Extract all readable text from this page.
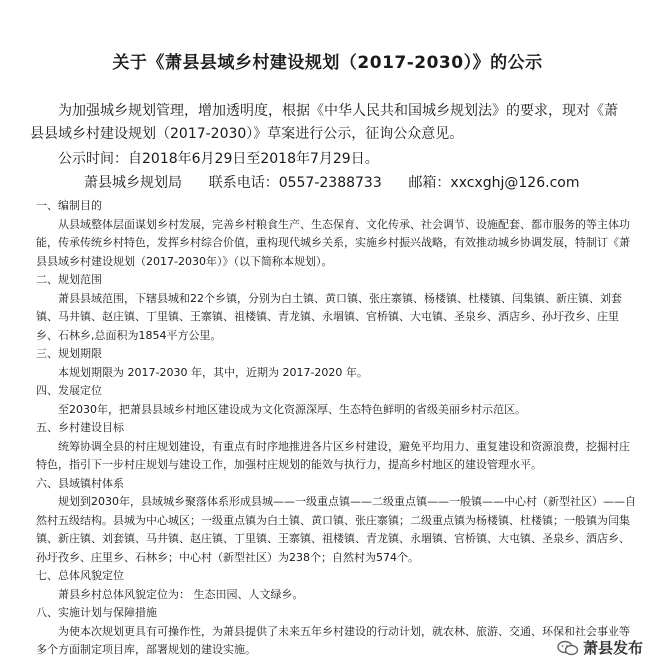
关于《萧县县域乡村建设规划（2017-2030）》的公示
为加强城乡规划管理，增加透明度，根据《中华人民共和国城乡规划法》的要求，现对《萧县县域乡村建设规划（2017-2030）》草案进行公示，征询公众意见。
公示时间：自2018年6月29日至2018年7月29日。
萧县城乡规划局 联系电话：0557-2388733 邮箱：xxcxghj@126.com

一、编制目的

从县域整体层面谋划乡村发展，完善乡村粮食生产、生态保育、文化传承、社会调节、设施配套、都市服务的等主体功能，传承传统乡村特色，发挥乡村综合价值，重构现代城乡关系，实施乡村振兴战略，有效推动城乡协调发展，特制订《萧县县域乡村建设规划（2017-2030年）》（以下简称本规划）。

二、规划范围

萧县县域范围，下辖县城和22个乡镇，分别为白土镇、黄口镇、张庄寨镇、杨楼镇、杜楼镇、闫集镇、新庄镇、刘套镇、马井镇、赵庄镇、丁里镇、王寨镇、祖楼镇、青龙镇、永堌镇、官桥镇、大屯镇、圣泉乡、酒店乡、孙圩孜乡、庄里乡、石林乡,总面积为1854平方公里。

三、规划期限

本规划期限为 2017-2030 年，其中，近期为 2017-2020 年。

四、发展定位

至2030年，把萧县县域乡村地区建设成为文化资源深厚、生态特色鲜明的省级美丽乡村示范区。

五、乡村建设目标

统筹协调全县的村庄规划建设，有重点有时序地推进各片区乡村建设，避免平均用力、重复建设和资源浪费，挖掘村庄特色，指引下一步村庄规划与建设工作，加强村庄规划的能效与执行力，提高乡村地区的建设管理水平。

六、县域镇村体系

规划到2030年，县域城乡聚落体系形成县城——一级重点镇——二级重点镇——一般镇——中心村（新型社区）——自然村五级结构。县城为中心城区；一级重点镇为白土镇、黄口镇、张庄寨镇；二级重点镇为杨楼镇、杜楼镇；一般镇为闫集镇、新庄镇、刘套镇、马井镇、赵庄镇、丁里镇、王寨镇、祖楼镇、青龙镇、永堌镇、官桥镇、大屯镇、圣泉乡、酒店乡、孙圩孜乡、庄里乡、石林乡；中心村（新型社区）为238个；自然村为574个。

七、总体风貌定位

萧县乡村总体风貌定位为： 生态田园、人文绿乡。

八、实施计划与保障措施

为使本次规划更具有可操作性，为萧县提供了未来五年乡村建设的行动计划，就农林、旅游、交通、环保和社会事业等多个方面制定项目库，部署规划的建设实施。	萧县发布
